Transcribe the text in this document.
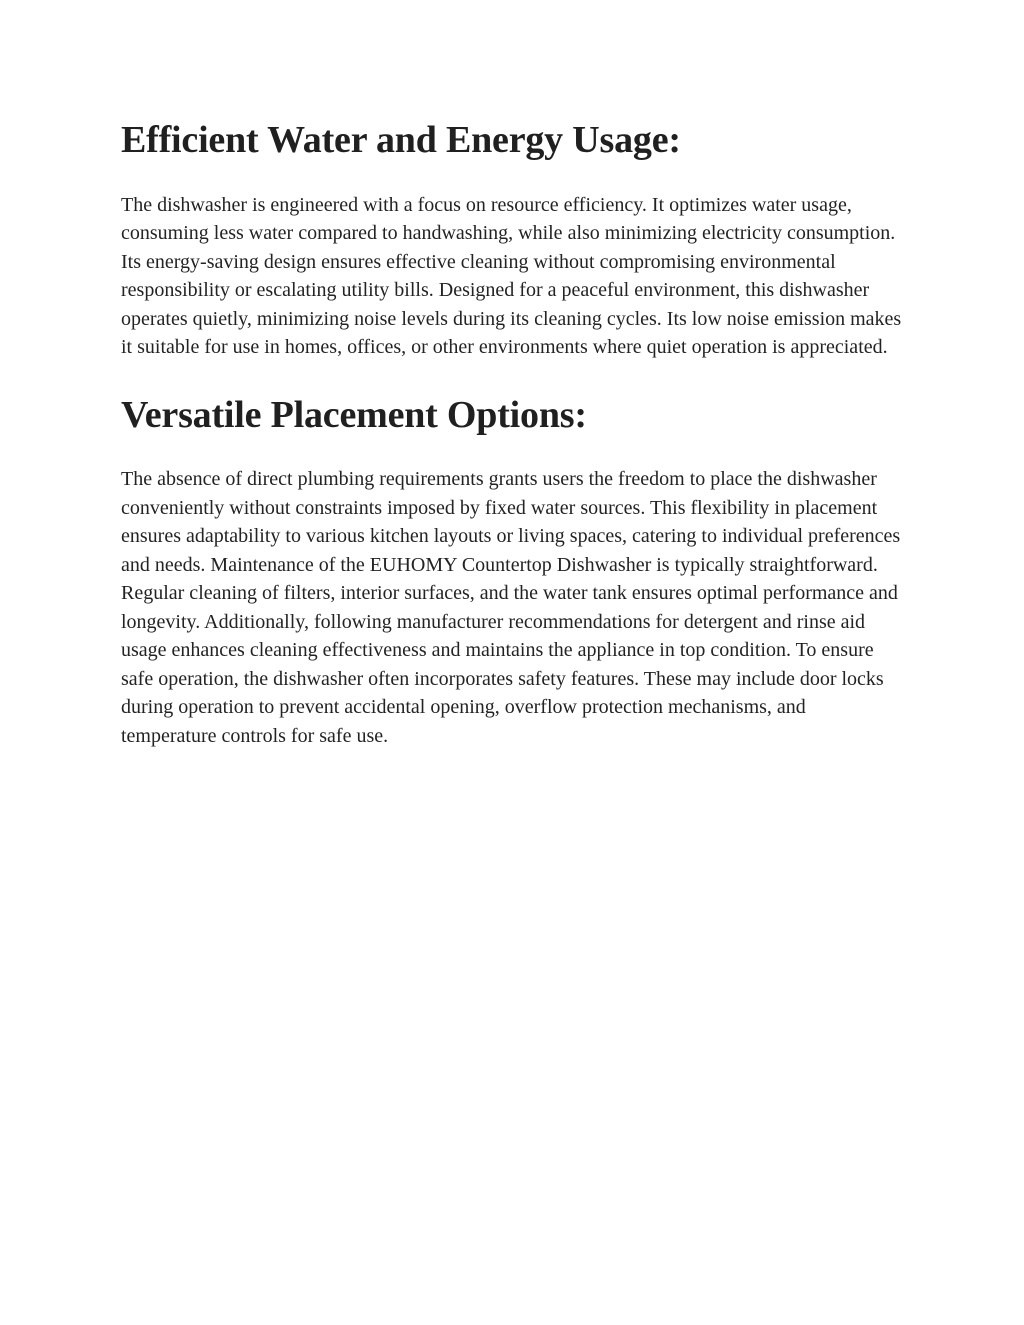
Efficient Water and Energy Usage:

The dishwasher is engineered with a focus on resource efficiency. It optimizes water usage, consuming less water compared to handwashing, while also minimizing electricity consumption. Its energy-saving design ensures effective cleaning without compromising environmental responsibility or escalating utility bills. Designed for a peaceful environment, this dishwasher operates quietly, minimizing noise levels during its cleaning cycles. Its low noise emission makes it suitable for use in homes, offices, or other environments where quiet operation is appreciated.

Versatile Placement Options:

The absence of direct plumbing requirements grants users the freedom to place the dishwasher conveniently without constraints imposed by fixed water sources. This flexibility in placement ensures adaptability to various kitchen layouts or living spaces, catering to individual preferences and needs. Maintenance of the EUHOMY Countertop Dishwasher is typically straightforward. Regular cleaning of filters, interior surfaces, and the water tank ensures optimal performance and longevity. Additionally, following manufacturer recommendations for detergent and rinse aid usage enhances cleaning effectiveness and maintains the appliance in top condition. To ensure safe operation, the dishwasher often incorporates safety features. These may include door locks during operation to prevent accidental opening, overflow protection mechanisms, and temperature controls for safe use.
